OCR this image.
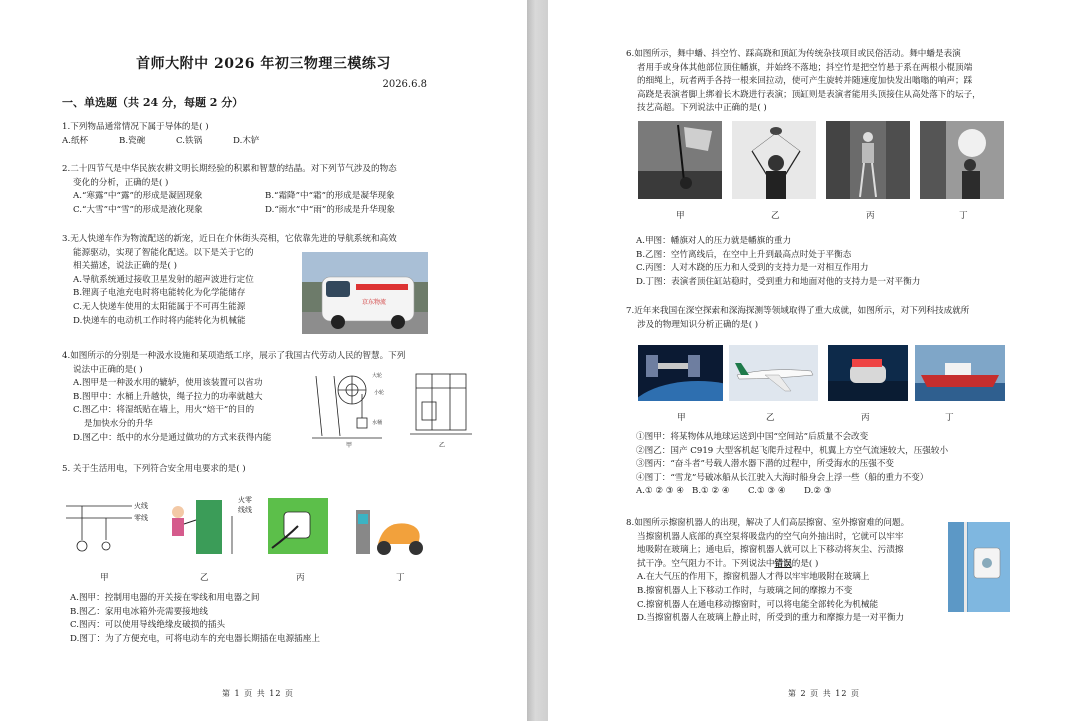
首师大附中 2026 年初三物理三模练习
2026.6.8
一、单选题（共 24 分，每题 2 分）
1.下列物品通常情况下属于导体的是( )
A.纸杯	B.瓷碗	C.铁锅	D.木铲
2.二十四节气是中华民族农耕文明长期经验的积累和智慧的结晶。对下列节气涉及的物态
变化的分析，正确的是( )
A.“寒露”中“露”的形成是凝固现象	B.“霜降”中“霜”的形成是凝华现象
C.“大雪”中“雪”的形成是液化现象	D.“雨水”中“雨”的形成是升华现象
3.无人快递车作为物流配送的新宠，近日在介休街头亮相，它依靠先进的导航系统和高效
能源驱动，实现了智能化配送。以下是关于它的
相关描述，说法正确的是( )
A.导航系统通过接收卫星发射的超声波进行定位
B.锂离子电池充电时将电能转化为化学能储存
C.无人快递车使用的太阳能属于不可再生能源
D.快递车的电动机工作时将内能转化为机械能
京东物流
4.如图所示的分别是一种汲水设施和某项造纸工序，展示了我国古代劳动人民的智慧。下列
说法中正确的是( )
A.图甲是一种汲水用的辘轳，使用该装置可以省功
B.图甲中：水桶上升越快，绳子拉力的功率就越大
C.图乙中：将湿纸贴在墙上，用火“焙干”的目的
是加快水分的升华
D.图乙中：纸中的水分是通过做功的方式来获得内能
大轮
小轮
水桶
甲	乙
5. 关于生活用电，下列符合安全用电要求的是( )
火线
零线
火零
线线
甲	乙	丙	丁
A.图甲：控制用电器的开关接在零线和用电器之间
B.图乙：家用电冰箱外壳需要接地线
C.图丙：可以使用导线绝缘皮破损的插头
D.图丁：为了方便充电，可将电动车的充电器长期插在电源插座上
第 1 页 共 12 页
6.如图所示，舞中蟠、抖空竹、踩高跷和顶缸为传统杂技项目或民俗活动。舞中蟠是表演
者用手或身体其他部位顶住幡旗，并始终不落地；抖空竹是把空竹悬于系在两根小棍顶端
的细绳上，玩者两手各持一根来回拉动，使可产生旋转并随速度加快发出嗡嗡的响声；踩
高跷是表演者脚上绑着长木跷进行表演；顶缸则是表演者能用头顶接住从高处落下的坛子，
技艺高超。下列说法中正确的是( )
甲	乙	丙	丁
A.甲图：幡旗对人的压力就是幡旗的重力
B.乙图：空竹离线后，在空中上升到最高点时处于平衡态
C.丙图：人对木跷的压力和人受到的支持力是一对相互作用力
D.丁图：表演者顶住缸站稳时，受到重力和地面对他的支持力是一对平衡力
7.近年来我国在深空探索和深海探测等领域取得了重大成就，如图所示，对下列科技成就所
涉及的物理知识分析正确的是( )
甲	乙	丙	丁
①图甲：将某物体从地球运送到中国“空间站”后质量不会改变
②图乙：国产 C919 大型客机起飞爬升过程中，机翼上方空气流速较大，压强较小
③图丙：“奋斗者”号载人潜水器下潜的过程中，所受海水的压强不变
④图丁：“雪龙”号破冰船从长江驶入大海时船身会上浮一些（船的重力不变）
A.① ② ③ ④ B.① ② ④	C.① ③ ④	D.② ③
8.如图所示擦窗机器人的出现，解决了人们高层擦窗、室外擦窗难的问题。
当擦窗机器人底部的真空泵将吸盘内的空气向外抽出时，它就可以牢牢
地吸附在玻璃上；通电后，擦窗机器人就可以上下移动将灰尘、污渍擦
拭干净。空气阻力不计。下列说法中错误的是( )
A.在大气压的作用下，擦窗机器人才得以牢牢地吸附在玻璃上
B.擦窗机器人上下移动工作时，与玻璃之间的摩擦力不变
C.擦窗机器人在通电移动擦窗时，可以将电能全部转化为机械能
D.当擦窗机器人在玻璃上静止时，所受到的重力和摩擦力是一对平衡力
第 2 页 共 12 页
